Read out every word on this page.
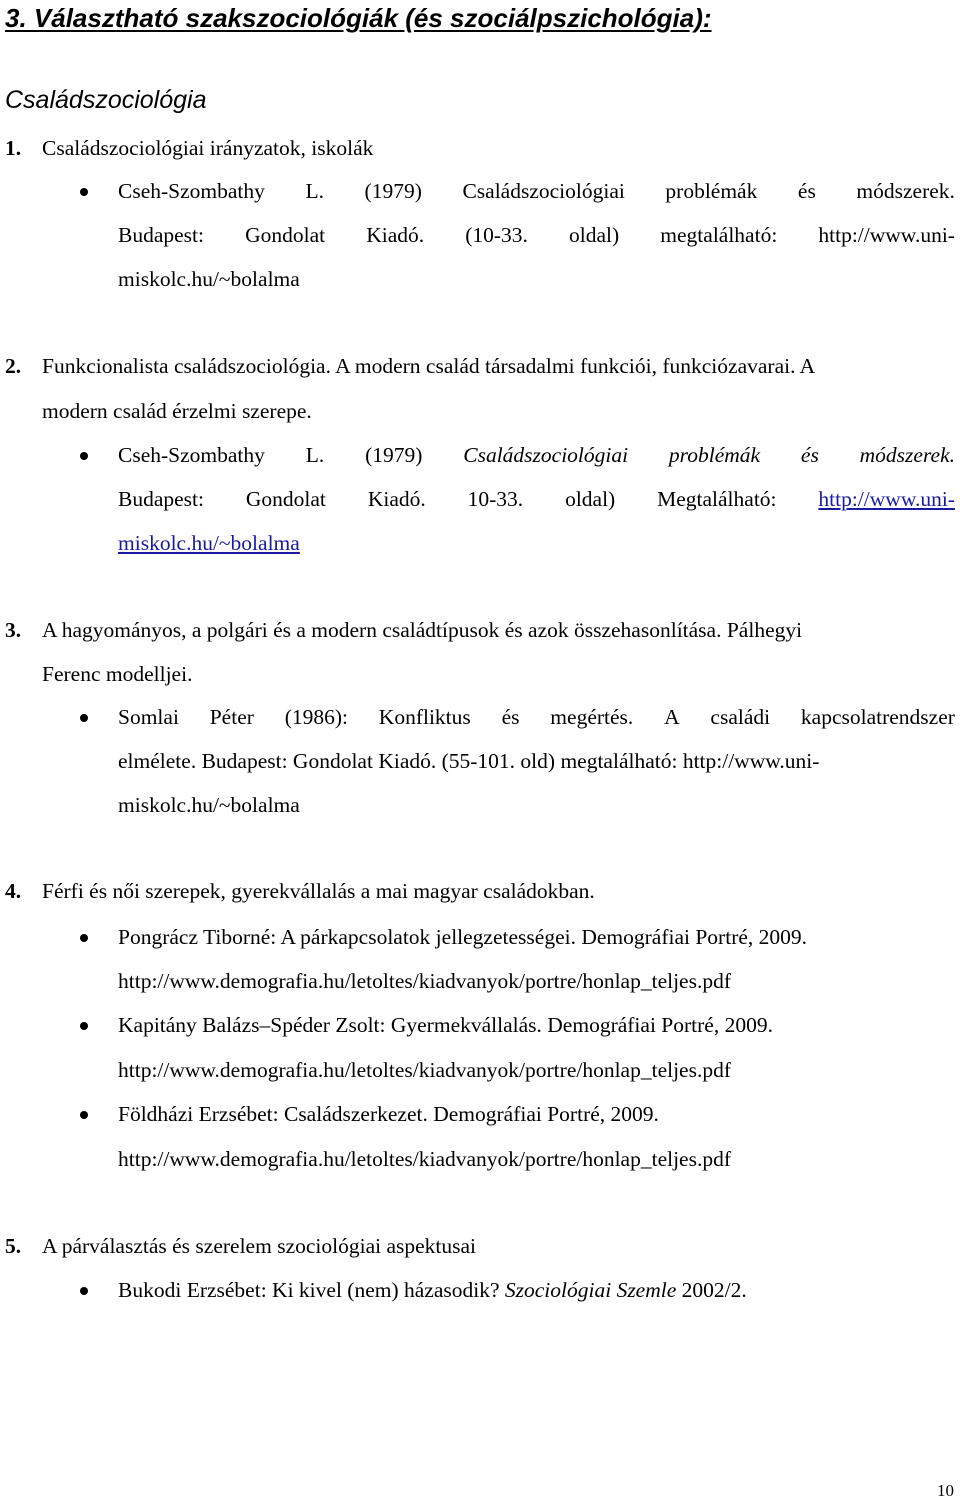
3. Választható szakszociológiák (és szociálpszichológia):
Családszociológia
1. Családszociológiai irányzatok, iskolák
Cseh-Szombathy L. (1979) Családszociológiai problémák és módszerek.
Budapest: Gondolat Kiadó. (10-33. oldal) megtalálható: http://www.uni-
miskolc.hu/~bolalma
2. Funkcionalista családszociológia. A modern család társadalmi funkciói, funkciózavarai. A
modern család érzelmi szerepe.
Cseh-Szombathy L. (1979) Családszociológiai problémák és módszerek.
Budapest: Gondolat Kiadó. 10-33. oldal) Megtalálható: http://www.uni-
miskolc.hu/~bolalma
3. A hagyományos, a polgári és a modern családtípusok és azok összehasonlítása. Pálhegyi
Ferenc modelljei.
Somlai Péter (1986): Konfliktus és megértés. A családi kapcsolatrendszer
elmélete. Budapest: Gondolat Kiadó. (55-101. old) megtalálható: http://www.uni-
miskolc.hu/~bolalma
4. Férfi és női szerepek, gyerekvállalás a mai magyar családokban.
Pongrácz Tiborné: A párkapcsolatok jellegzetességei. Demográfiai Portré, 2009.
http://www.demografia.hu/letoltes/kiadvanyok/portre/honlap_teljes.pdf
Kapitány Balázs–Spéder Zsolt: Gyermekvállalás. Demográfiai Portré, 2009.
http://www.demografia.hu/letoltes/kiadvanyok/portre/honlap_teljes.pdf
Földházi Erzsébet: Családszerkezet. Demográfiai Portré, 2009.
http://www.demografia.hu/letoltes/kiadvanyok/portre/honlap_teljes.pdf
5. A párválasztás és szerelem szociológiai aspektusai
Bukodi Erzsébet: Ki kivel (nem) házasodik? Szociológiai Szemle 2002/2.
10
